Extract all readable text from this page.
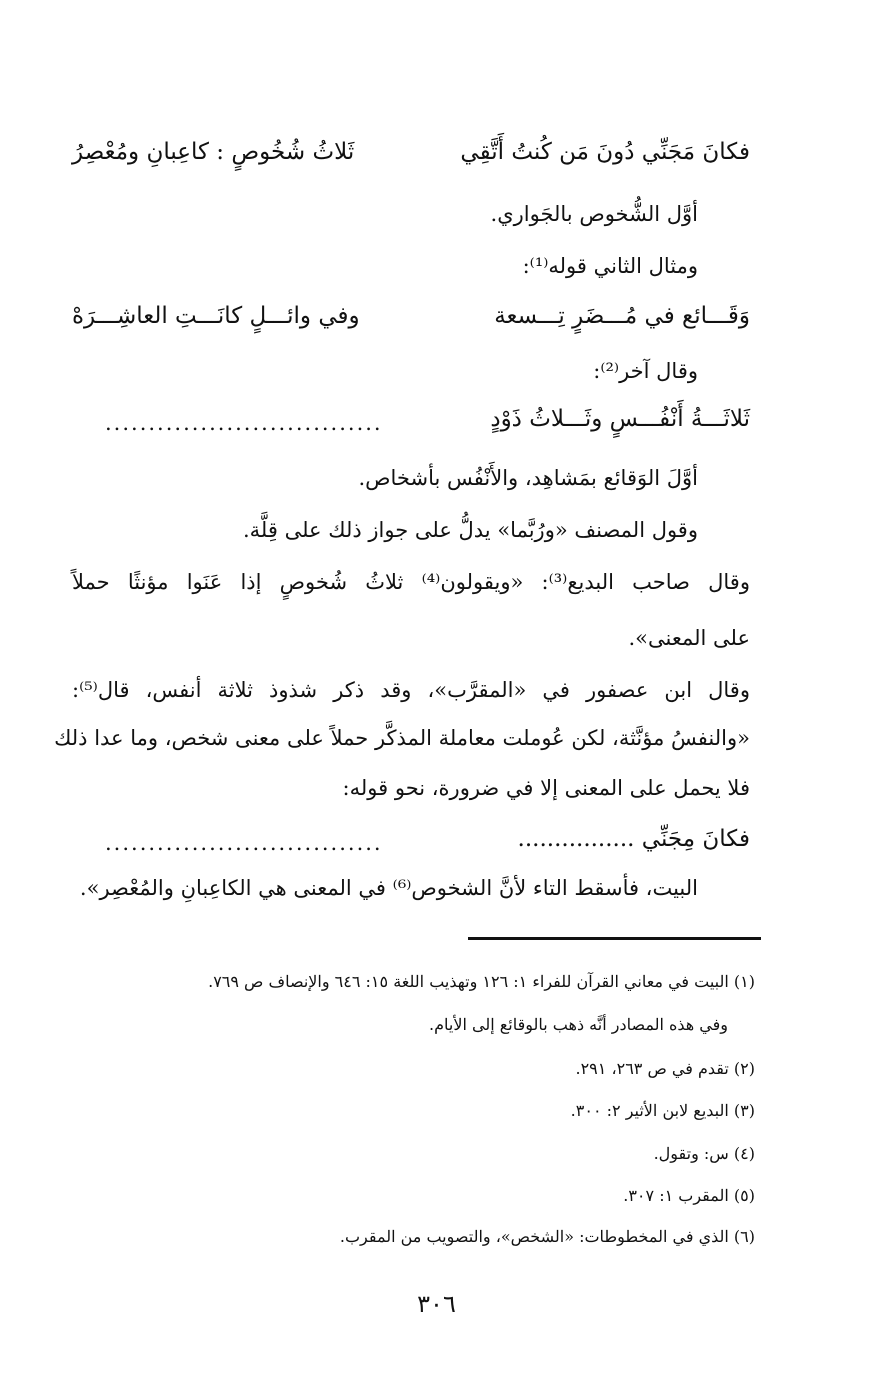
فكانَ مَجَنِّي دُونَ مَن كُنتُ أَتَّقِي
ثَلاثُ شُخُوصٍ : كاعِبانِ ومُعْصِرُ
أوَّل الشُّخوص بالجَواري.
ومثال الثاني قوله⁽¹⁾:
وَقَـــائع في مُـــضَرٍ تِـــسعة
وفي وائـــلٍ كانَـــتِ العاشِـــرَهْ
وقال آخر⁽²⁾:
ثَلاثَـــةُ أَنْفُـــسٍ وثَـــلاثُ ذَوْدٍ
................................
أوَّلَ الوَقائع بمَشاهِد، والأَنْفُس بأشخاص.
وقول المصنف «ورُبَّما» يدلُّ على جواز ذلك على قِلَّة.
وقال صاحب البديع⁽³⁾: «ويقولون⁽⁴⁾ ثلاثُ شُخوصٍ إذا عَنَوا مؤنثًا حملاً
على المعنى».
وقال ابن عصفور في «المقرَّب»، وقد ذكر شذوذ ثلاثة أنفس، قال⁽⁵⁾:
«والنفسُ مؤنَّثة، لكن عُوملت معاملة المذكَّر حملاً على معنى شخص، وما عدا ذلك
فلا يحمل على المعنى إلا في ضرورة، نحو قوله:
فكانَ مِجَنِّي ................
................................
البيت، فأسقط التاء لأنَّ الشخوص⁽⁶⁾ في المعنى هي الكاعِبانِ والمُعْصِر».
(١) البيت في معاني القرآن للفراء ١: ١٢٦ وتهذيب اللغة ١٥: ٦٤٦ والإنصاف ص ٧٦٩.
وفي هذه المصادر أنَّه ذهب بالوقائع إلى الأيام.
(٢) تقدم في ص ٢٦٣، ٢٩١.
(٣) البديع لابن الأثير ٢: ٣٠٠.
(٤) س: وتقول.
(٥) المقرب ١: ٣٠٧.
(٦) الذي في المخطوطات: «الشخص»، والتصويب من المقرب.
٣٠٦
